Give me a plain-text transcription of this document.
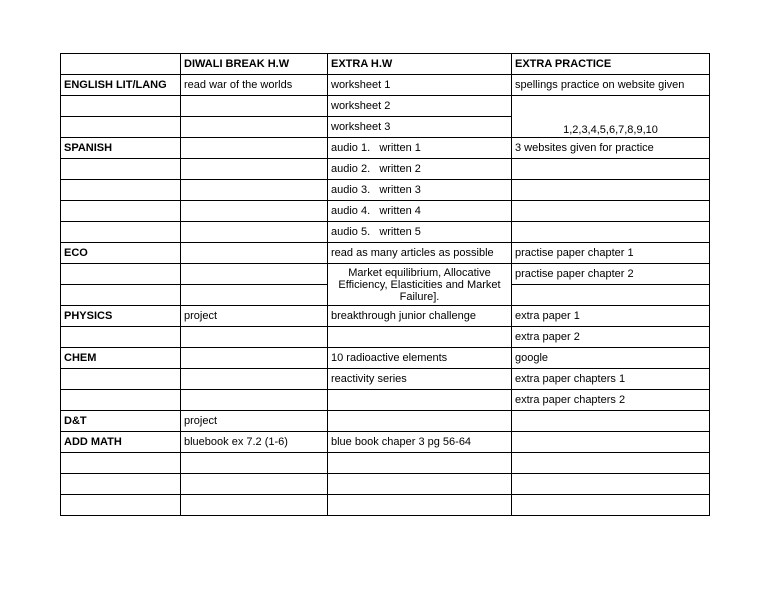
	DIWALI BREAK H.W	EXTRA H.W	EXTRA PRACTICE
ENGLISH LIT/LANG	read war of the worlds	worksheet 1	spellings practice on website given
		worksheet 2	1,2,3,4,5,6,7,8,9,10
		worksheet 3	
SPANISH		audio 1.   written 1	3 websites given for practice
		audio 2.   written 2	
		audio 3.   written 3	
		audio 4.   written 4	
		audio 5.   written 5	
ECO		read as many articles as possible	practise paper chapter 1
		Market equilibrium, Allocative Efficiency, Elasticities and Market Failure].	practise paper chapter 2

PHYSICS	project	breakthrough junior challenge	extra paper 1
			extra paper 2
CHEM		10 radioactive elements	google
		reactivity series	extra paper chapters 1
			extra paper chapters 2
D&T	project		
ADD MATH	bluebook ex 7.2 (1-6)	blue book chaper 3 pg 56-64	
